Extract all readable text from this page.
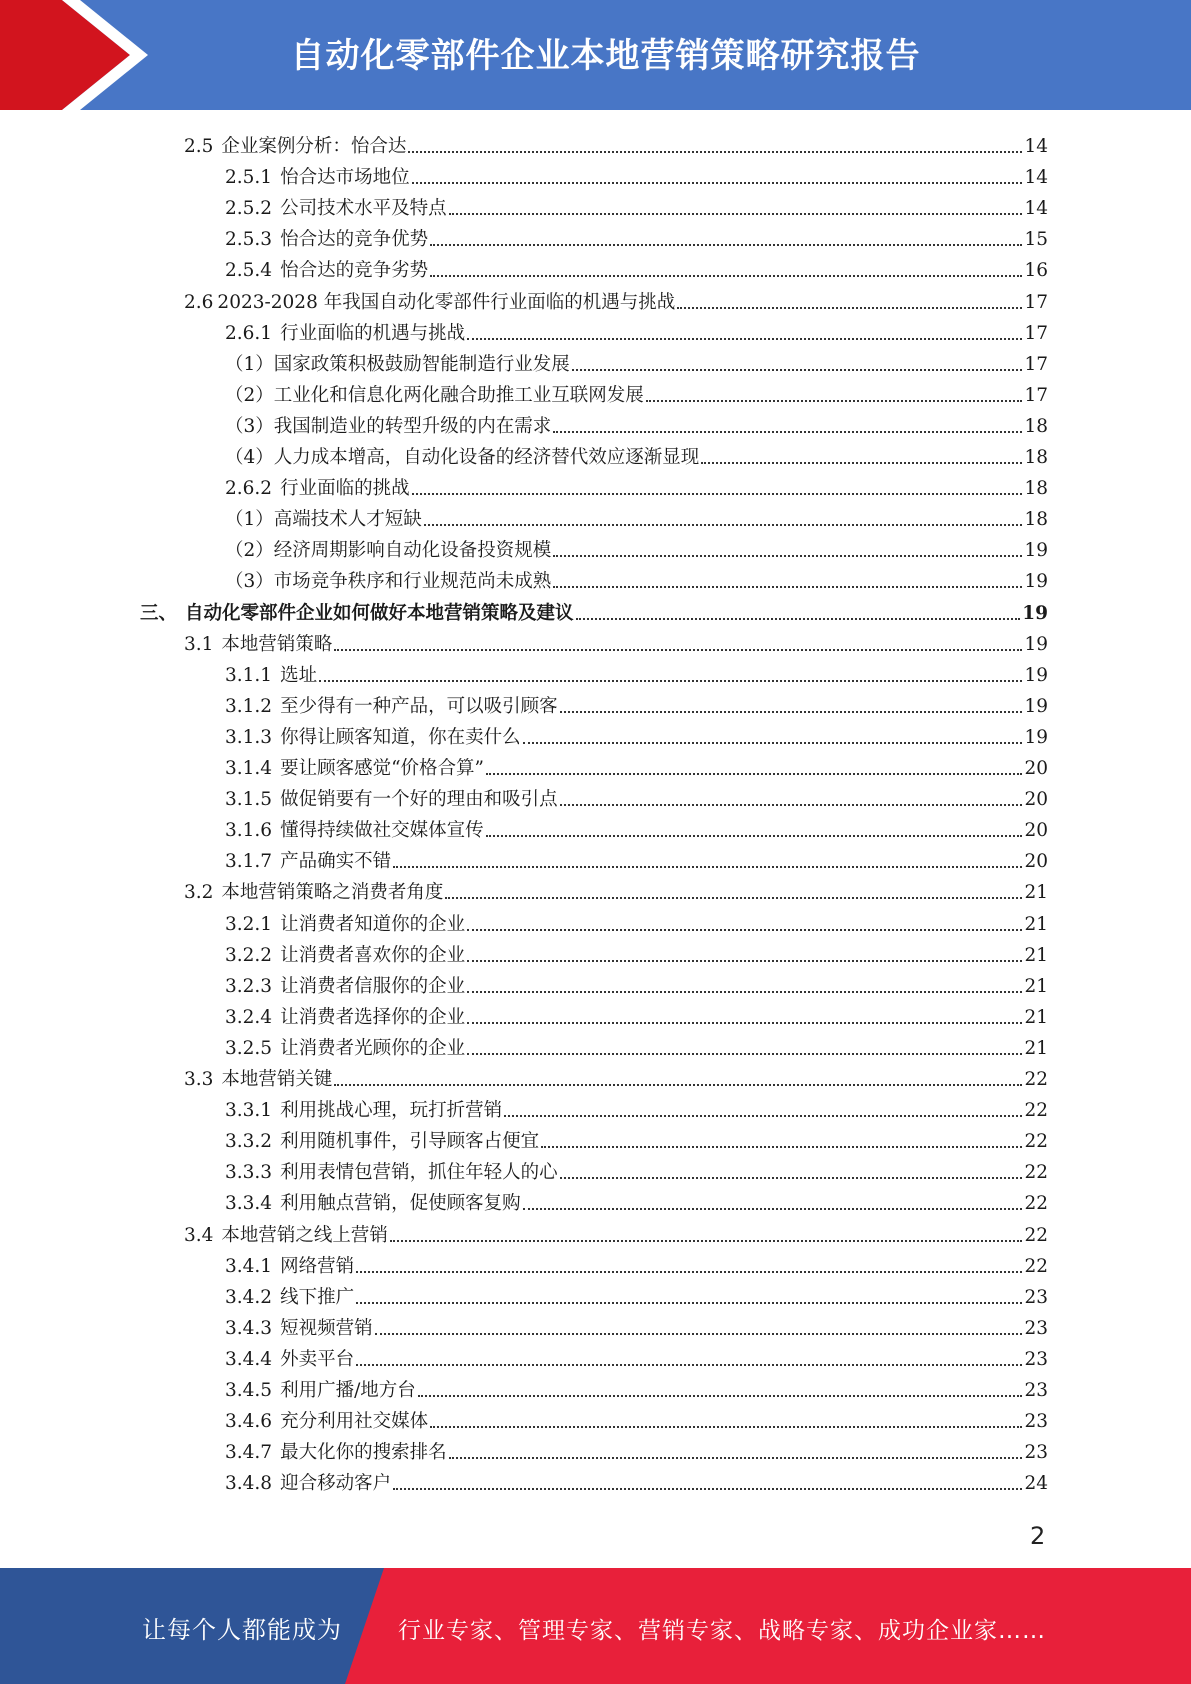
自动化零部件企业本地营销策略研究报告
2.5 企业案例分析：怡合达	14
2.5.1 怡合达市场地位	14
2.5.2 公司技术水平及特点	14
2.5.3 怡合达的竞争优势	15
2.5.4 怡合达的竞争劣势	16
2.6 2023-2028 年我国自动化零部件行业面临的机遇与挑战	17
2.6.1 行业面临的机遇与挑战	17
（1） 国家政策积极鼓励智能制造行业发展	17
（2） 工业化和信息化两化融合助推工业互联网发展	17
（3） 我国制造业的转型升级的内在需求	18
（4） 人力成本增高，自动化设备的经济替代效应逐渐显现	18
2.6.2 行业面临的挑战	18
（1） 高端技术人才短缺	18
（2） 经济周期影响自动化设备投资规模	19
（3） 市场竞争秩序和行业规范尚未成熟	19
三、 自动化零部件企业如何做好本地营销策略及建议	19
3.1 本地营销策略	19
3.1.1 选址	19
3.1.2 至少得有一种产品，可以吸引顾客	19
3.1.3 你得让顾客知道，你在卖什么	19
3.1.4 要让顾客感觉“价格合算”	20
3.1.5 做促销要有一个好的理由和吸引点	20
3.1.6 懂得持续做社交媒体宣传	20
3.1.7 产品确实不错	20
3.2 本地营销策略之消费者角度	21
3.2.1 让消费者知道你的企业	21
3.2.2 让消费者喜欢你的企业	21
3.2.3 让消费者信服你的企业	21
3.2.4 让消费者选择你的企业	21
3.2.5 让消费者光顾你的企业	21
3.3 本地营销关键	22
3.3.1 利用挑战心理，玩打折营销	22
3.3.2 利用随机事件，引导顾客占便宜	22
3.3.3 利用表情包营销，抓住年轻人的心	22
3.3.4 利用触点营销，促使顾客复购	22
3.4 本地营销之线上营销	22
3.4.1 网络营销	22
3.4.2 线下推广	23
3.4.3 短视频营销	23
3.4.4 外卖平台	23
3.4.5 利用广播/地方台	23
3.4.6 充分利用社交媒体	23
3.4.7 最大化你的搜索排名	23
3.4.8 迎合移动客户	24
2
让每个人都能成为 行业专家、管理专家、营销专家、战略专家、成功企业家……
